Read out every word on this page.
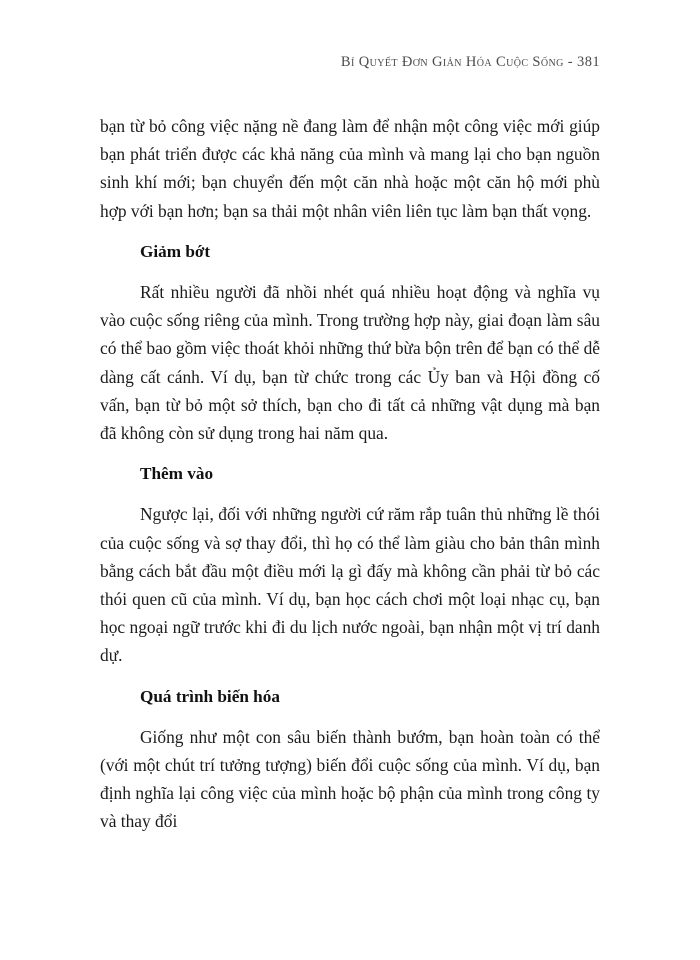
Bí Quyết Đơn Giản Hóa Cuộc Sống - 381

bạn từ bỏ công việc nặng nề đang làm để nhận một công việc mới giúp bạn phát triển được các khả năng của mình và mang lại cho bạn nguồn sinh khí mới; bạn chuyển đến một căn nhà hoặc một căn hộ mới phù hợp với bạn hơn; bạn sa thải một nhân viên liên tục làm bạn thất vọng.

Giảm bớt

Rất nhiều người đã nhồi nhét quá nhiều hoạt động và nghĩa vụ vào cuộc sống riêng của mình. Trong trường hợp này, giai đoạn làm sâu có thể bao gồm việc thoát khỏi những thứ bừa bộn trên để bạn có thể dễ dàng cất cánh. Ví dụ, bạn từ chức trong các Ủy ban và Hội đồng cố vấn, bạn từ bỏ một sở thích, bạn cho đi tất cả những vật dụng mà bạn đã không còn sử dụng trong hai năm qua.

Thêm vào

Ngược lại, đối với những người cứ răm rắp tuân thủ những lề thói của cuộc sống và sợ thay đổi, thì họ có thể làm giàu cho bản thân mình bằng cách bắt đầu một điều mới lạ gì đấy mà không cần phải từ bỏ các thói quen cũ của mình. Ví dụ, bạn học cách chơi một loại nhạc cụ, bạn học ngoại ngữ trước khi đi du lịch nước ngoài, bạn nhận một vị trí danh dự.

Quá trình biến hóa

Giống như một con sâu biến thành bướm, bạn hoàn toàn có thể (với một chút trí tưởng tượng) biến đổi cuộc sống của mình. Ví dụ, bạn định nghĩa lại công việc của mình hoặc bộ phận của mình trong công ty và thay đổi
